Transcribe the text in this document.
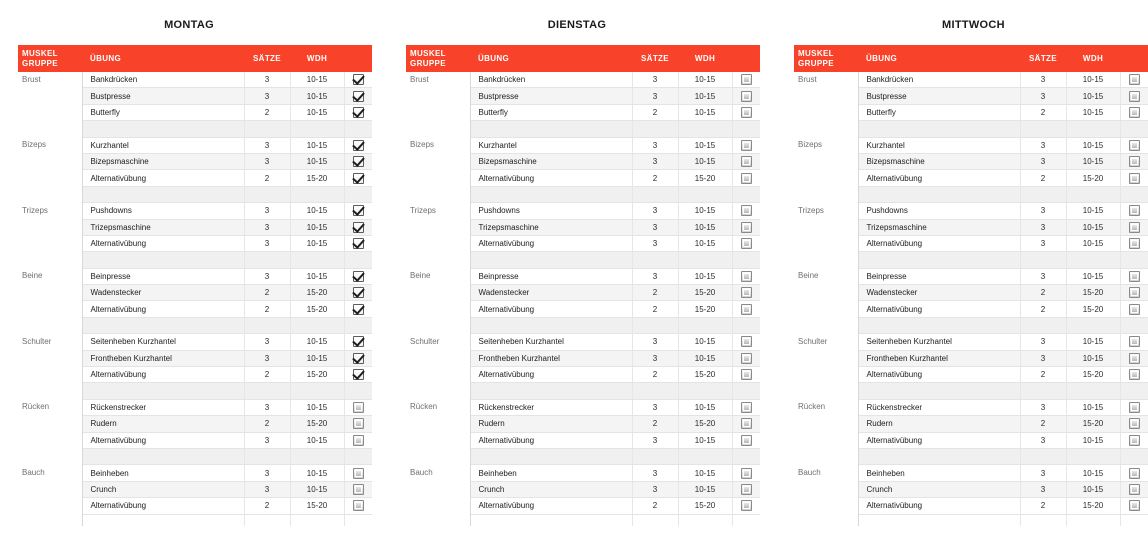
MONTAG
MUSKEL
GRUPPE	ÜBUNG	SÄTZE	WDH	
Brust	Bankdrücken	3	10-15	
	Bustpresse	3	10-15	
	Butterfly	2	10-15	

Bizeps	Kurzhantel	3	10-15	
	Bizepsmaschine	3	10-15	
	Alternativübung	2	15-20	

Trizeps	Pushdowns	3	10-15	
	Trizepsmaschine	3	10-15	
	Alternativübung	3	10-15	

Beine	Beinpresse	3	10-15	
	Wadenstecker	2	15-20	
	Alternativübung	2	15-20	

Schulter	Seitenheben Kurzhantel	3	10-15	
	Frontheben Kurzhantel	3	10-15	
	Alternativübung	2	15-20	

Rücken	Rückenstrecker	3	10-15	
	Rudern	2	15-20	
	Alternativübung	3	10-15	

Bauch	Beinheben	3	10-15	
	Crunch	3	10-15	
	Alternativübung	2	15-20	

DIENSTAG
MUSKEL
GRUPPE	ÜBUNG	SÄTZE	WDH	
Brust	Bankdrücken	3	10-15	
	Bustpresse	3	10-15	
	Butterfly	2	10-15	

Bizeps	Kurzhantel	3	10-15	
	Bizepsmaschine	3	10-15	
	Alternativübung	2	15-20	

Trizeps	Pushdowns	3	10-15	
	Trizepsmaschine	3	10-15	
	Alternativübung	3	10-15	

Beine	Beinpresse	3	10-15	
	Wadenstecker	2	15-20	
	Alternativübung	2	15-20	

Schulter	Seitenheben Kurzhantel	3	10-15	
	Frontheben Kurzhantel	3	10-15	
	Alternativübung	2	15-20	

Rücken	Rückenstrecker	3	10-15	
	Rudern	2	15-20	
	Alternativübung	3	10-15	

Bauch	Beinheben	3	10-15	
	Crunch	3	10-15	
	Alternativübung	2	15-20	

MITTWOCH
MUSKEL
GRUPPE	ÜBUNG	SÄTZE	WDH	
Brust	Bankdrücken	3	10-15	
	Bustpresse	3	10-15	
	Butterfly	2	10-15	

Bizeps	Kurzhantel	3	10-15	
	Bizepsmaschine	3	10-15	
	Alternativübung	2	15-20	

Trizeps	Pushdowns	3	10-15	
	Trizepsmaschine	3	10-15	
	Alternativübung	3	10-15	

Beine	Beinpresse	3	10-15	
	Wadenstecker	2	15-20	
	Alternativübung	2	15-20	

Schulter	Seitenheben Kurzhantel	3	10-15	
	Frontheben Kurzhantel	3	10-15	
	Alternativübung	2	15-20	

Rücken	Rückenstrecker	3	10-15	
	Rudern	2	15-20	
	Alternativübung	3	10-15	

Bauch	Beinheben	3	10-15	
	Crunch	3	10-15	
	Alternativübung	2	15-20	
